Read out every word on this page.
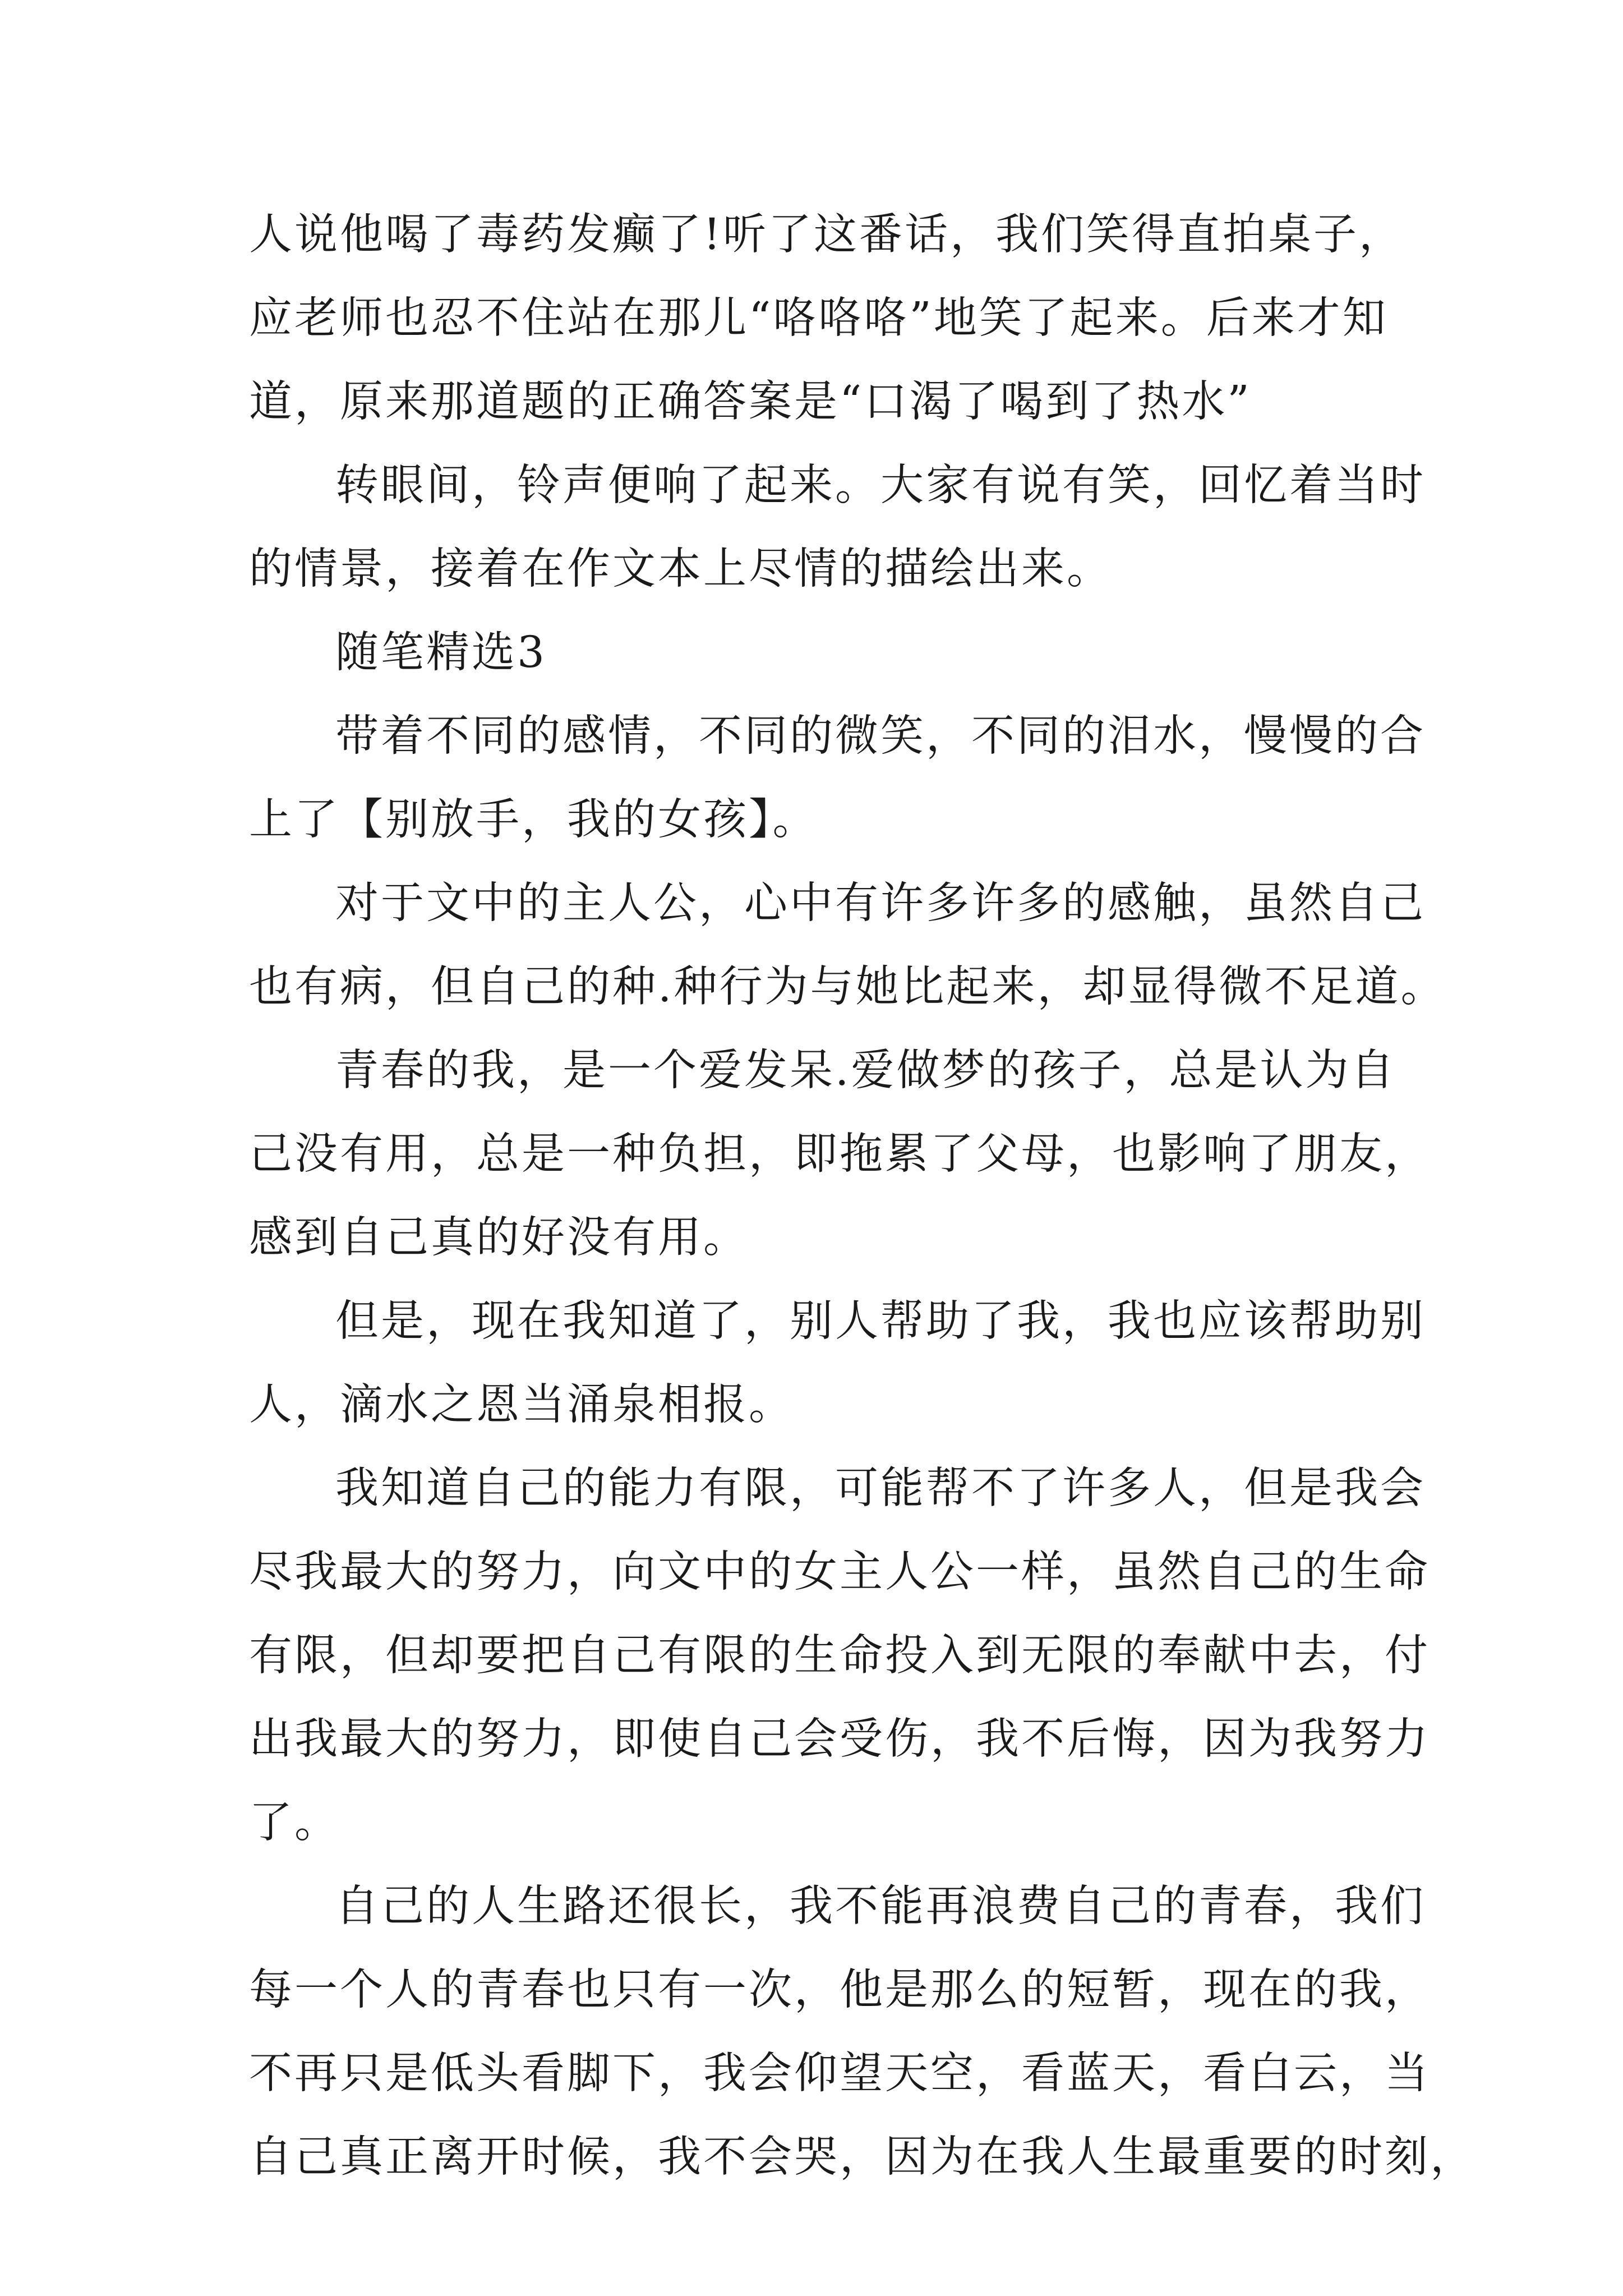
人说他喝了毒药发癫了!听了这番话，我们笑得直拍桌子，
应老师也忍不住站在那儿“咯咯咯”地笑了起来。后来才知
道，原来那道题的正确答案是“口渴了喝到了热水”
转眼间，铃声便响了起来。大家有说有笑，回忆着当时
的情景，接着在作文本上尽情的描绘出来。
随笔精选3
带着不同的感情，不同的微笑，不同的泪水，慢慢的合
上了【别放手，我的女孩】。
对于文中的主人公，心中有许多许多的感触，虽然自己
也有病，但自己的种.种行为与她比起来，却显得微不足道。
青春的我，是一个爱发呆.爱做梦的孩子，总是认为自
己没有用，总是一种负担，即拖累了父母，也影响了朋友，
感到自己真的好没有用。
但是，现在我知道了，别人帮助了我，我也应该帮助别
人，滴水之恩当涌泉相报。
我知道自己的能力有限，可能帮不了许多人，但是我会
尽我最大的努力，向文中的女主人公一样，虽然自己的生命
有限，但却要把自己有限的生命投入到无限的奉献中去，付
出我最大的努力，即使自己会受伤，我不后悔，因为我努力
了。
自己的人生路还很长，我不能再浪费自己的青春，我们
每一个人的青春也只有一次，他是那么的短暂，现在的我，
不再只是低头看脚下，我会仰望天空，看蓝天，看白云，当
自己真正离开时候，我不会哭，因为在我人生最重要的时刻，
